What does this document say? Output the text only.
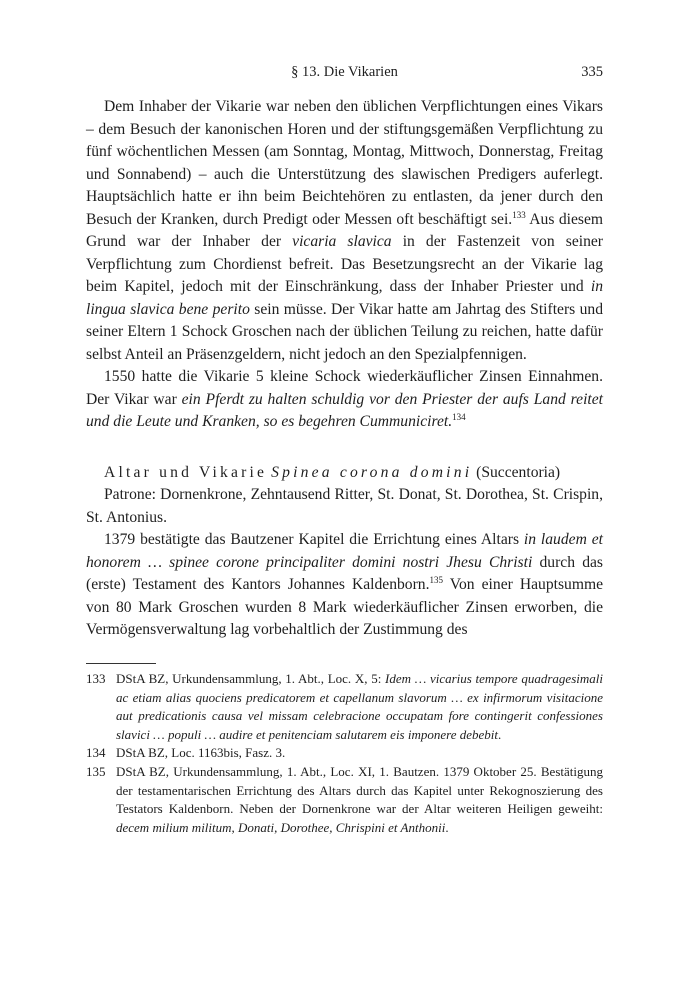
§ 13. Die Vikarien	335

Dem Inhaber der Vikarie war neben den üblichen Verpflichtungen eines Vikars – dem Besuch der kanonischen Horen und der stiftungsgemäßen Verpflichtung zu fünf wöchentlichen Messen (am Sonntag, Montag, Mittwoch, Donnerstag, Freitag und Sonnabend) – auch die Unterstützung des slawischen Predigers auferlegt. Hauptsächlich hatte er ihn beim Beichtehören zu entlasten, da jener durch den Besuch der Kranken, durch Predigt oder Messen oft beschäftigt sei.$^{133}$ Aus diesem Grund war der Inhaber der vicaria slavica in der Fastenzeit von seiner Verpflichtung zum Chordienst befreit. Das Besetzungsrecht an der Vikarie lag beim Kapitel, jedoch mit der Einschränkung, dass der Inhaber Priester und in lingua slavica bene perito sein müsse. Der Vikar hatte am Jahrtag des Stifters und seiner Eltern 1 Schock Groschen nach der üblichen Teilung zu reichen, hatte dafür selbst Anteil an Präsenzgeldern, nicht jedoch an den Spezialpfennigen.

1550 hatte die Vikarie 5 kleine Schock wiederkäuflicher Zinsen Einnahmen. Der Vikar war ein Pferdt zu halten schuldig vor den Priester der aufs Land reitet und die Leute und Kranken, so es begehren Cummuniciret.$^{134}$

Altar und Vikarie Spinea corona domini (Succentoria)

Patrone: Dornenkrone, Zehntausend Ritter, St. Donat, St. Dorothea, St. Crispin, St. Antonius.

1379 bestätigte das Bautzener Kapitel die Errichtung eines Altars in laudem et honorem … spinee corone principaliter domini nostri Jhesu Christi durch das (erste) Testament des Kantors Johannes Kaldenborn.$^{135}$ Von einer Hauptsumme von 80 Mark Groschen wurden 8 Mark wiederkäuflicher Zinsen erworben, die Vermögensverwaltung lag vorbehaltlich der Zustimmung des

133 DStA BZ, Urkundensammlung, 1. Abt., Loc. X, 5: Idem … vicarius tempore quadragesimali ac etiam alias quociens predicatorem et capellanum slavorum … ex infirmorum visitacione aut predicationis causa vel missam celebracione occupatam fore contingerit confessiones slavici … populi … audire et penitenciam salutarem eis imponere debebit.
134 DStA BZ, Loc. 1163bis, Fasz. 3.
135 DStA BZ, Urkundensammlung, 1. Abt., Loc. XI, 1. Bautzen. 1379 Oktober 25. Bestätigung der testamentarischen Errichtung des Altars durch das Kapitel unter Rekognoszierung des Testators Kaldenborn. Neben der Dornenkrone war der Altar weiteren Heiligen geweiht: decem milium militum, Donati, Dorothee, Chrispini et Anthonii.
